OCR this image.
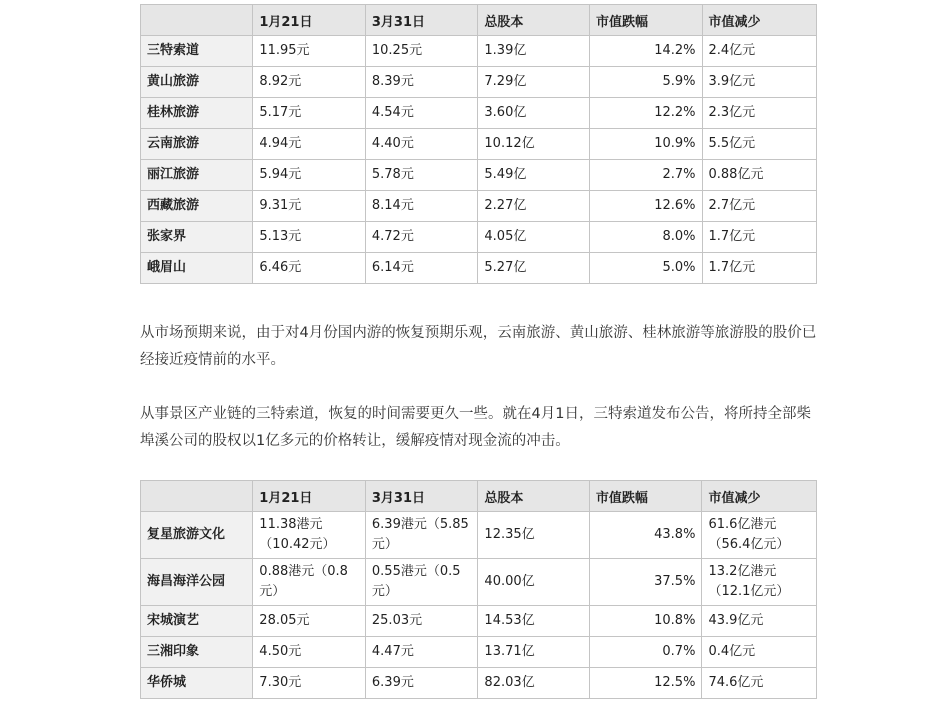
	1月21日	3月31日	总股本	市值跌幅	市值减少
三特索道	11.95元	10.25元	1.39亿	14.2%	2.4亿元
黄山旅游	8.92元	8.39元	7.29亿	5.9%	3.9亿元
桂林旅游	5.17元	4.54元	3.60亿	12.2%	2.3亿元
云南旅游	4.94元	4.40元	10.12亿	10.9%	5.5亿元
丽江旅游	5.94元	5.78元	5.49亿	2.7%	0.88亿元
西藏旅游	9.31元	8.14元	2.27亿	12.6%	2.7亿元
张家界	5.13元	4.72元	4.05亿	8.0%	1.7亿元
峨眉山	6.46元	6.14元	5.27亿	5.0%	1.7亿元

从市场预期来说，由于对4月份国内游的恢复预期乐观，云南旅游、黄山旅游、桂林旅游等旅游股的股价已经接近疫情前的水平。

从事景区产业链的三特索道，恢复的时间需要更久一些。就在4月1日，三特索道发布公告，将所持全部柴埠溪公司的股权以1亿多元的价格转让，缓解疫情对现金流的冲击。

	1月21日	3月31日	总股本	市值跌幅	市值减少
复星旅游文化	11.38港元（10.42元）	6.39港元（5.85元）	12.35亿	43.8%	61.6亿港元（56.4亿元）
海昌海洋公园	0.88港元（0.8元）	0.55港元（0.5元）	40.00亿	37.5%	13.2亿港元（12.1亿元）
宋城演艺	28.05元	25.03元	14.53亿	10.8%	43.9亿元
三湘印象	4.50元	4.47元	13.71亿	0.7%	0.4亿元
华侨城	7.30元	6.39元	82.03亿	12.5%	74.6亿元
